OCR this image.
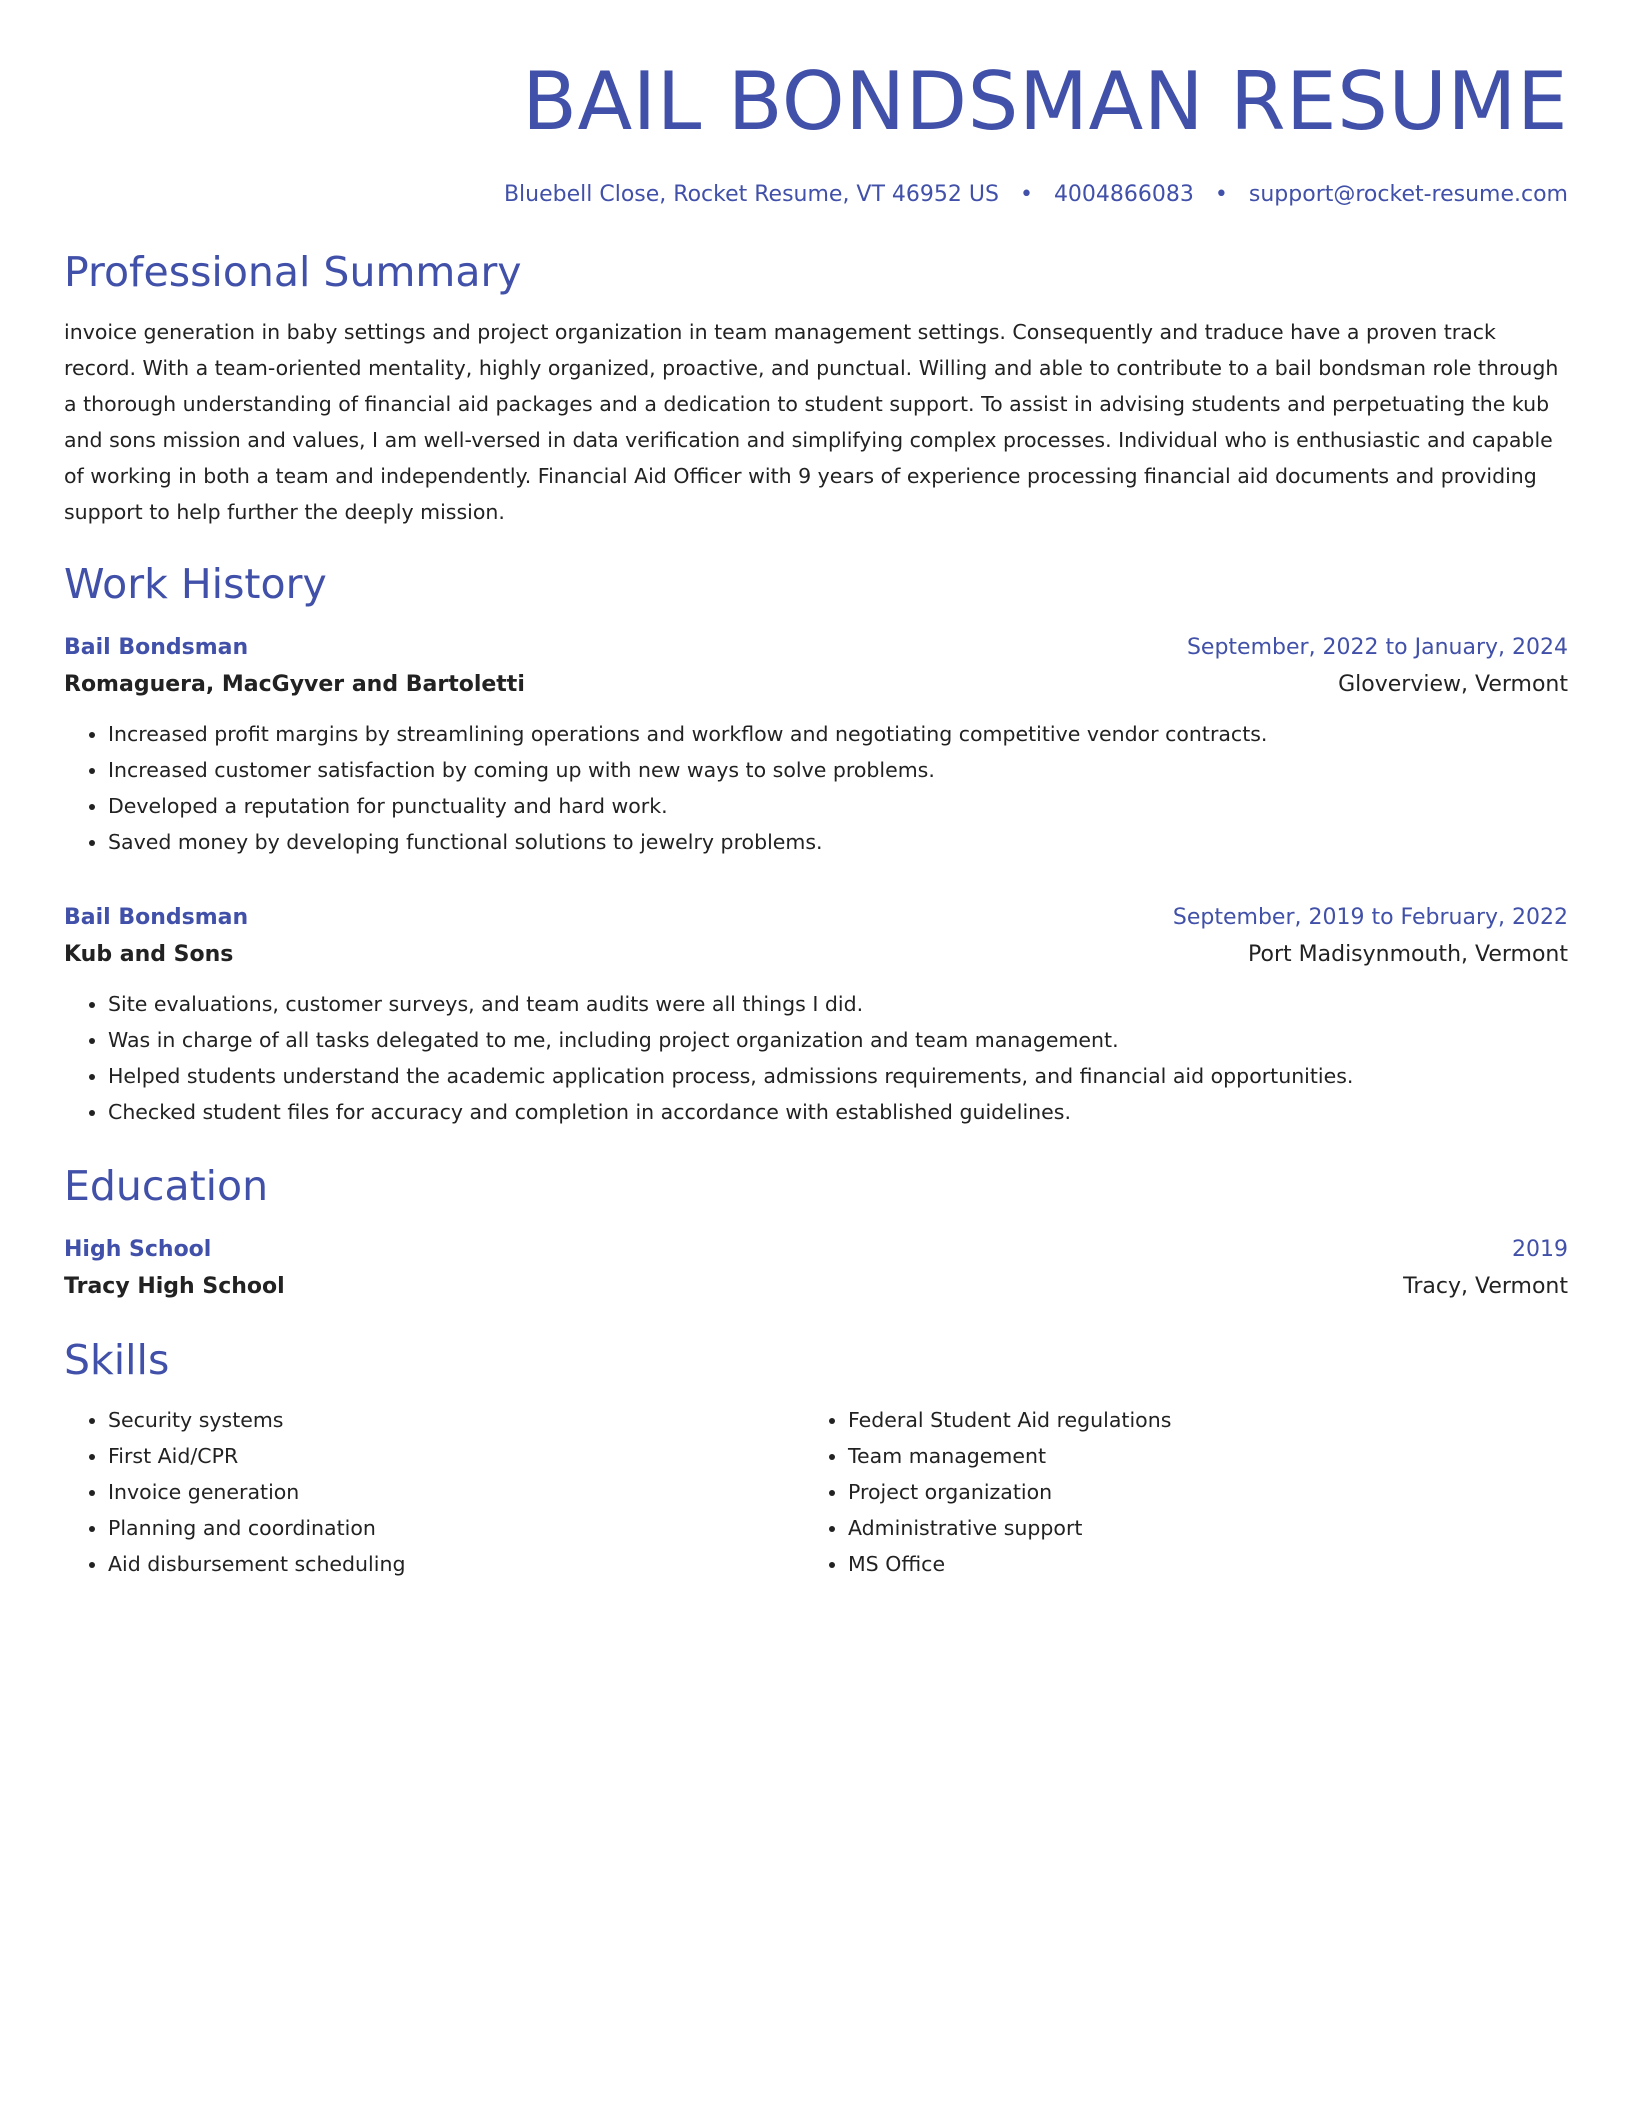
BAIL BONDSMAN RESUME
Bluebell Close, Rocket Resume, VT 46952 US • 4004866083 • support@rocket-resume.com
Professional Summary
invoice generation in baby settings and project organization in team management settings. Consequently and traduce have a proven track record. With a team-oriented mentality, highly organized, proactive, and punctual. Willing and able to contribute to a bail bondsman role through a thorough understanding of financial aid packages and a dedication to student support. To assist in advising students and perpetuating the kub and sons mission and values, I am well-versed in data verification and simplifying complex processes. Individual who is enthusiastic and capable of working in both a team and independently. Financial Aid Officer with 9 years of experience processing financial aid documents and providing support to help further the deeply mission.
Work History
Bail Bondsman	September, 2022 to January, 2024
Romaguera, MacGyver and Bartoletti	Gloverview, Vermont
• Increased profit margins by streamlining operations and workflow and negotiating competitive vendor contracts.
• Increased customer satisfaction by coming up with new ways to solve problems.
• Developed a reputation for punctuality and hard work.
• Saved money by developing functional solutions to jewelry problems.
Bail Bondsman	September, 2019 to February, 2022
Kub and Sons	Port Madisynmouth, Vermont
• Site evaluations, customer surveys, and team audits were all things I did.
• Was in charge of all tasks delegated to me, including project organization and team management.
• Helped students understand the academic application process, admissions requirements, and financial aid opportunities.
• Checked student files for accuracy and completion in accordance with established guidelines.
Education
High School	2019
Tracy High School	Tracy, Vermont
Skills
• Security systems
• First Aid/CPR
• Invoice generation
• Planning and coordination
• Aid disbursement scheduling
• Federal Student Aid regulations
• Team management
• Project organization
• Administrative support
• MS Office
